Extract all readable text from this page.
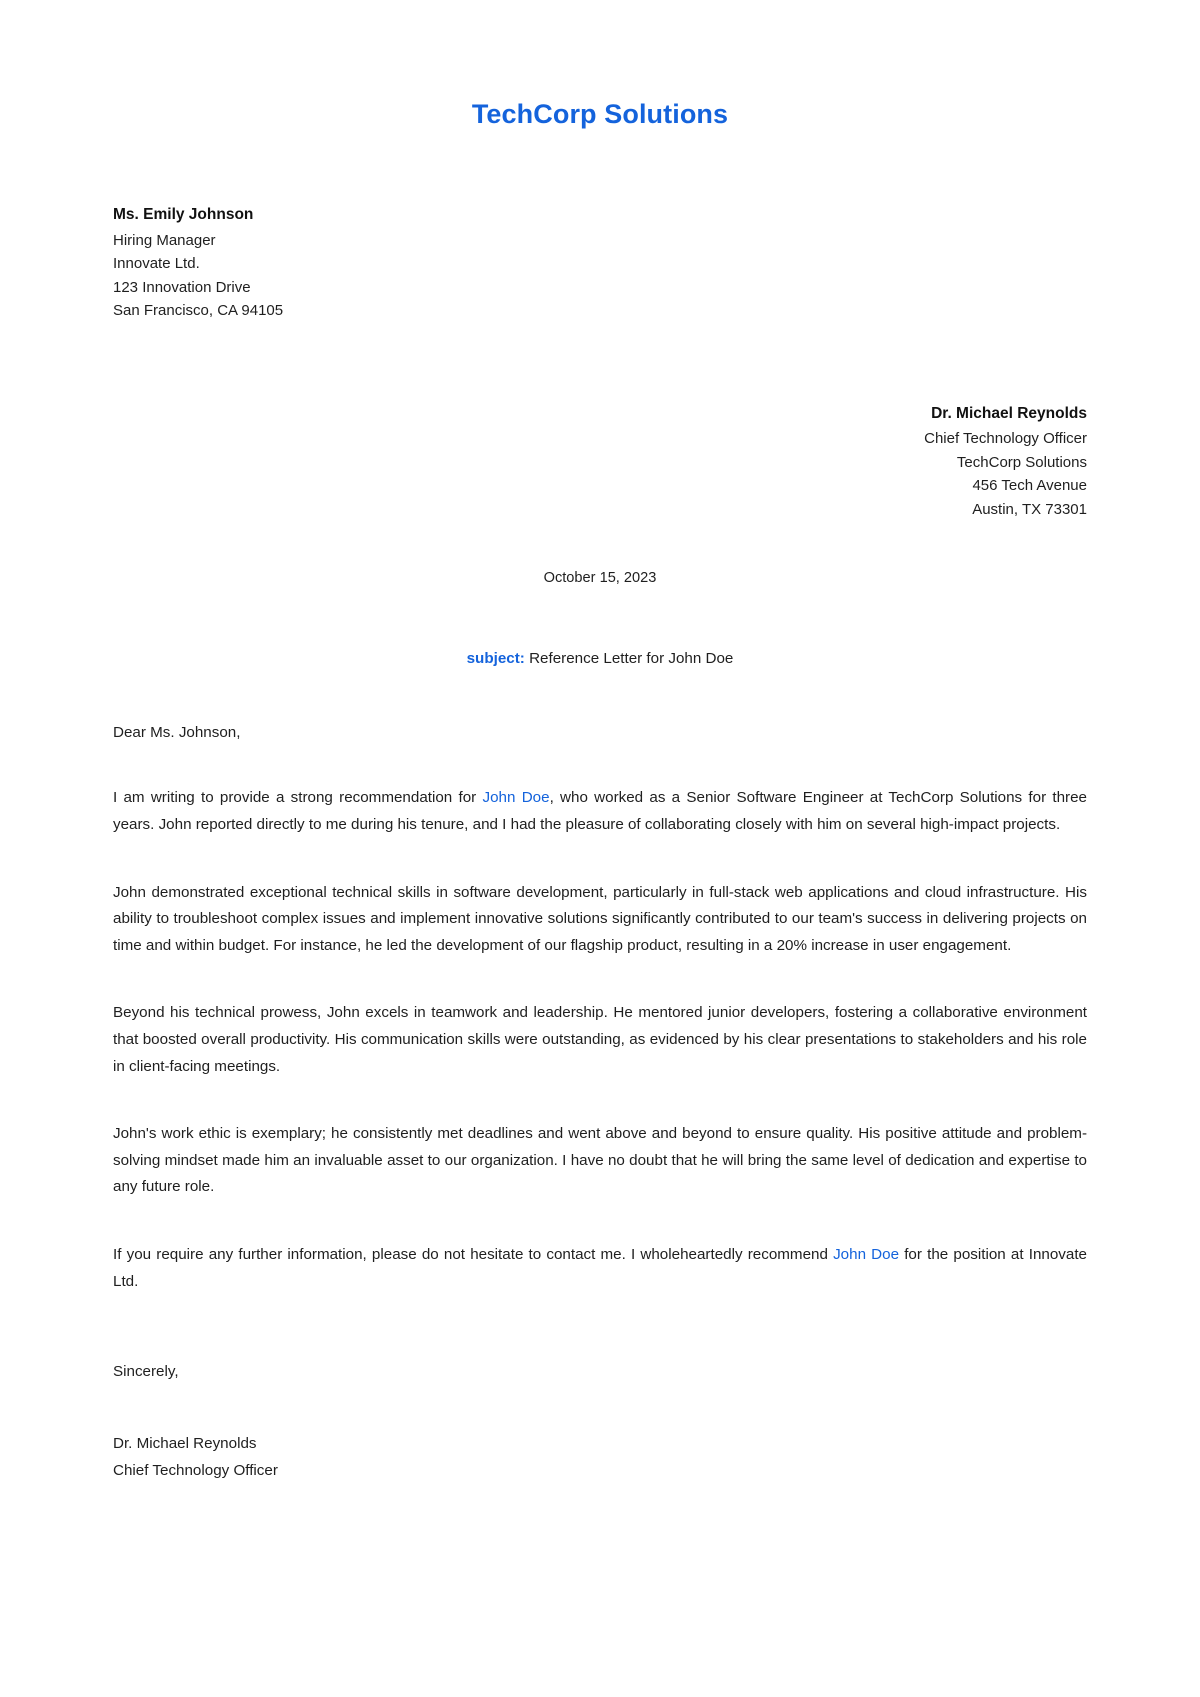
TechCorp Solutions
Ms. Emily Johnson
Hiring Manager
Innovate Ltd.
123 Innovation Drive
San Francisco, CA 94105
Dr. Michael Reynolds
Chief Technology Officer
TechCorp Solutions
456 Tech Avenue
Austin, TX 73301
October 15, 2023
subject: Reference Letter for John Doe
Dear Ms. Johnson,

I am writing to provide a strong recommendation for John Doe, who worked as a Senior Software Engineer at TechCorp Solutions for three years. John reported directly to me during his tenure, and I had the pleasure of collaborating closely with him on several high-impact projects.

John demonstrated exceptional technical skills in software development, particularly in full-stack web applications and cloud infrastructure. His ability to troubleshoot complex issues and implement innovative solutions significantly contributed to our team's success in delivering projects on time and within budget. For instance, he led the development of our flagship product, resulting in a 20% increase in user engagement.

Beyond his technical prowess, John excels in teamwork and leadership. He mentored junior developers, fostering a collaborative environment that boosted overall productivity. His communication skills were outstanding, as evidenced by his clear presentations to stakeholders and his role in client-facing meetings.

John's work ethic is exemplary; he consistently met deadlines and went above and beyond to ensure quality. His positive attitude and problem-solving mindset made him an invaluable asset to our organization. I have no doubt that he will bring the same level of dedication and expertise to any future role.

If you require any further information, please do not hesitate to contact me. I wholeheartedly recommend John Doe for the position at Innovate Ltd.

Sincerely,
Dr. Michael Reynolds
Chief Technology Officer
